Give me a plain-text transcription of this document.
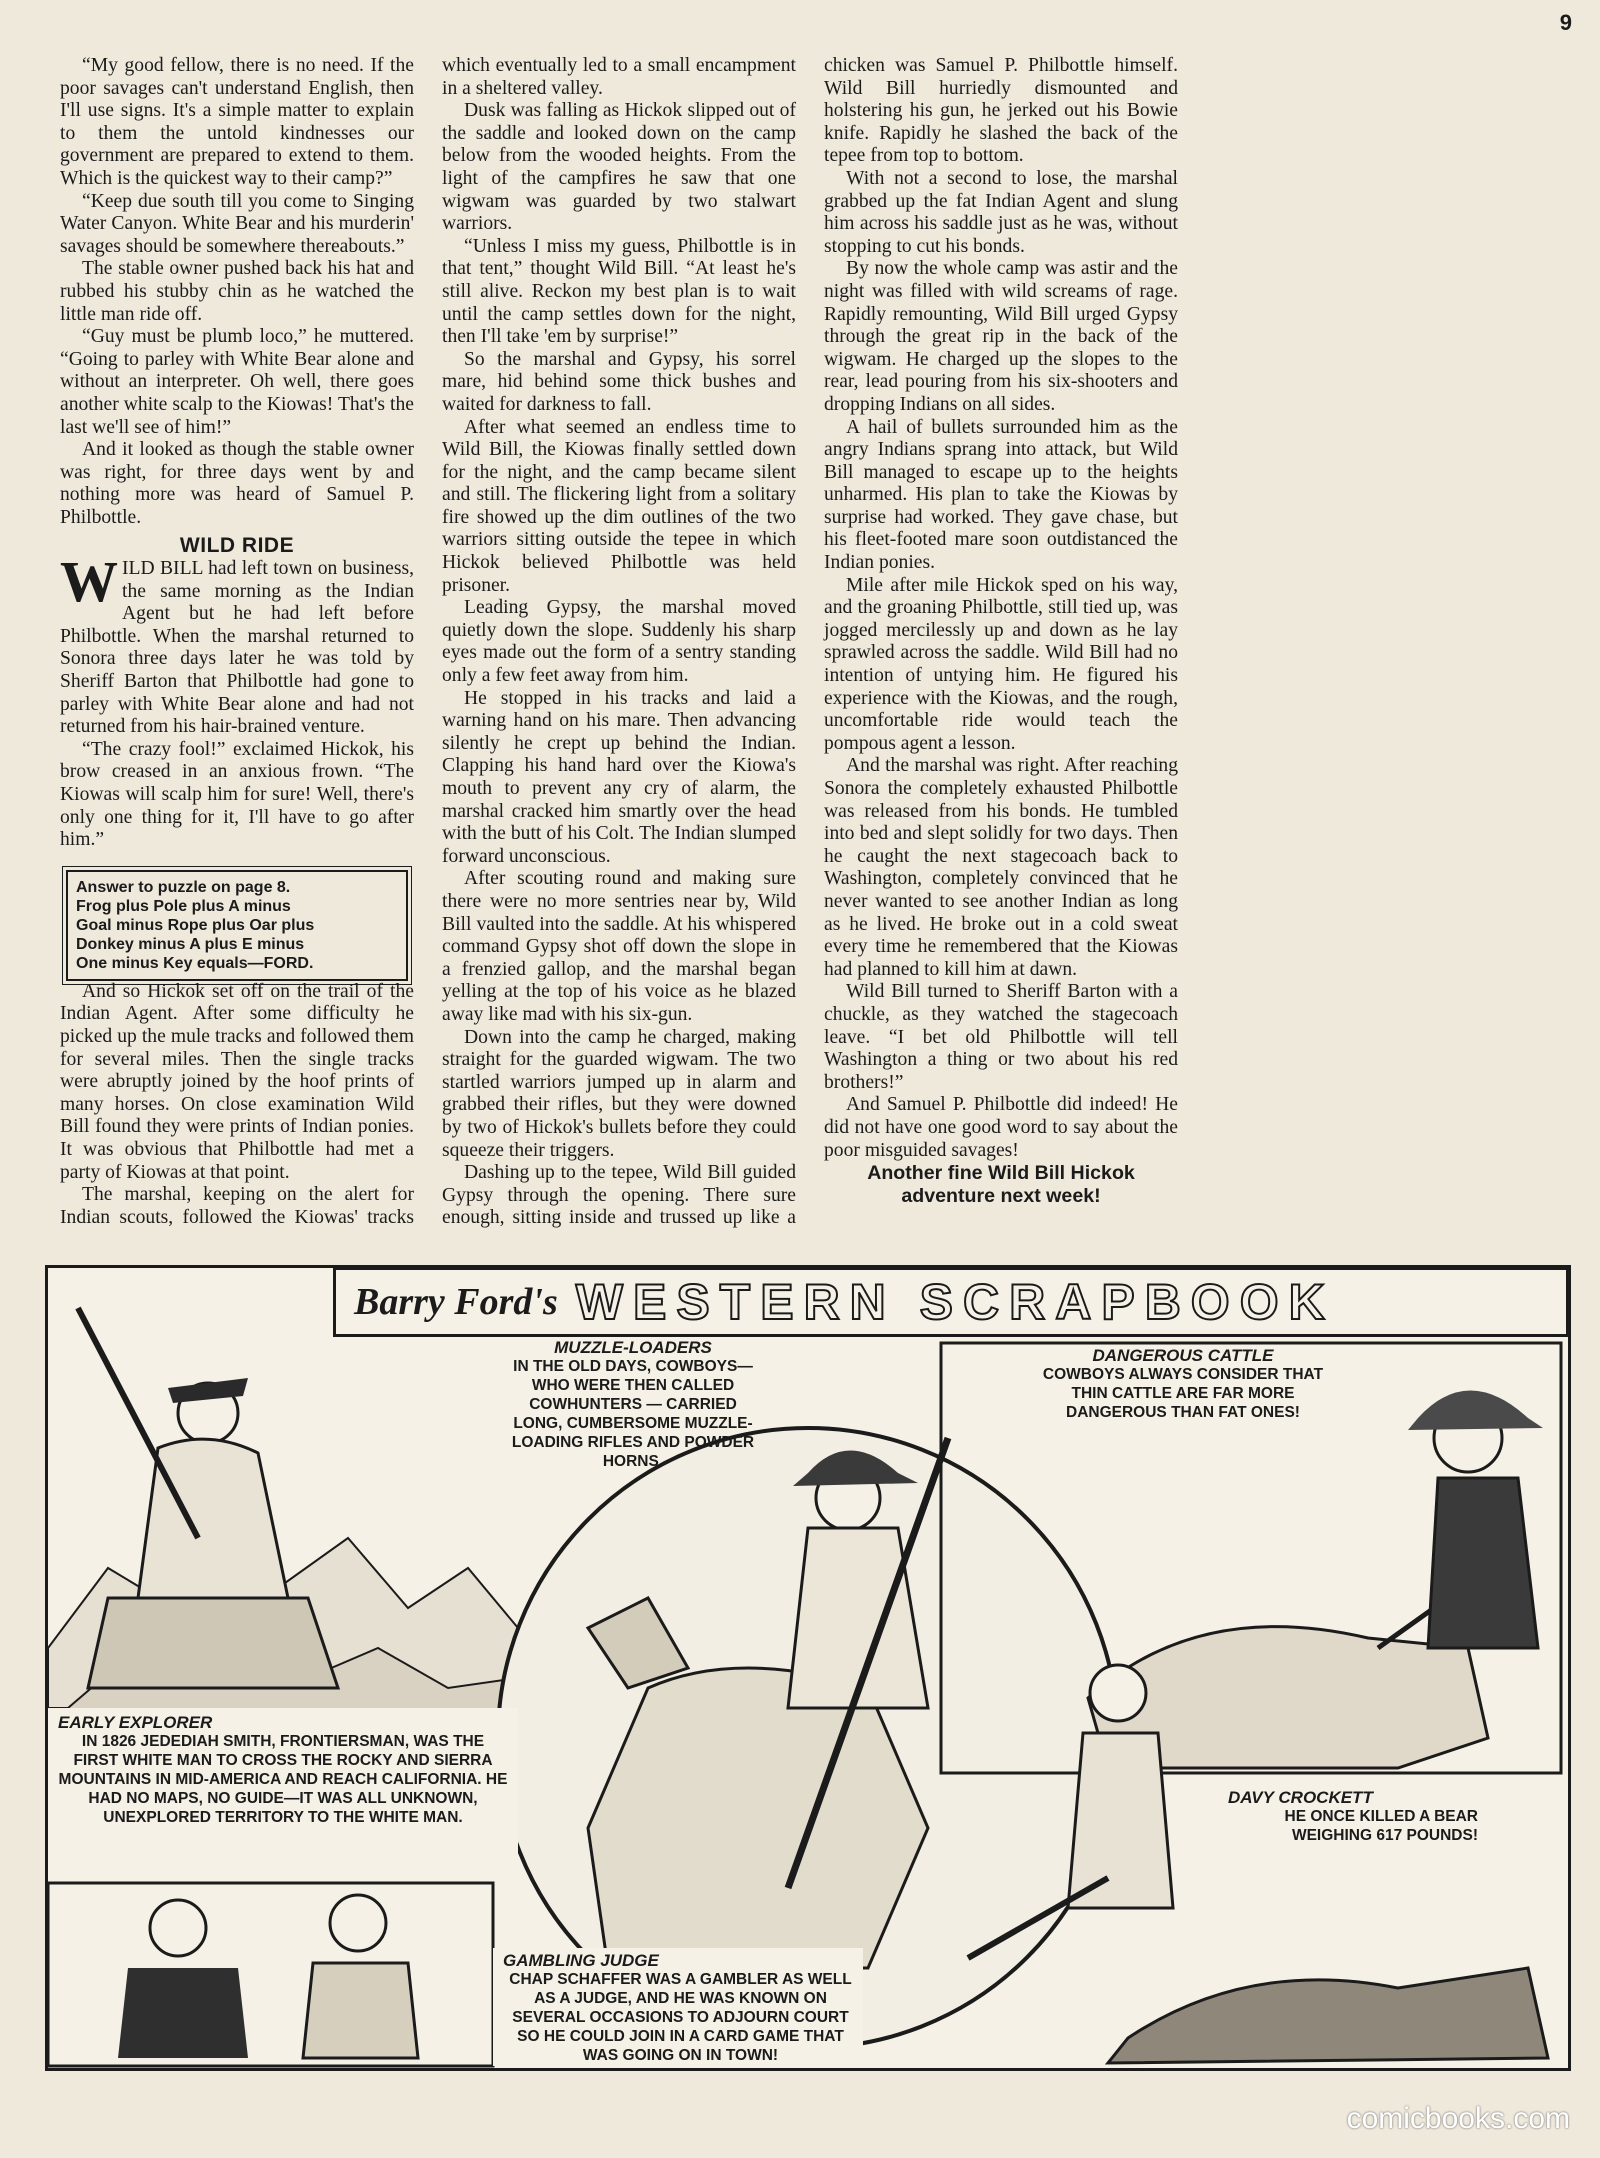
9

“My good fellow, there is no need. If the poor savages can't understand English, then I'll use signs. It's a simple matter to explain to them the untold kindnesses our government are prepared to extend to them. Which is the quickest way to their camp?”

“Keep due south till you come to Singing Water Canyon. White Bear and his murderin' savages should be somewhere thereabouts.”

The stable owner pushed back his hat and rubbed his stubby chin as he watched the little man ride off.

“Guy must be plumb loco,” he muttered. “Going to parley with White Bear alone and without an interpreter. Oh well, there goes another white scalp to the Kiowas! That's the last we'll see of him!”

And it looked as though the stable owner was right, for three days went by and nothing more was heard of Samuel P. Philbottle.

WILD RIDE

WILD BILL had left town on business, the same morning as the Indian Agent but he had left before Philbottle. When the marshal returned to Sonora three days later he was told by Sheriff Barton that Philbottle had gone to parley with White Bear alone and had not returned from his hair-brained venture.

“The crazy fool!” exclaimed Hickok, his brow creased in an anxious frown. “The Kiowas will scalp him for sure! Well, there's only one thing for it, I'll have to go after him.”

Answer to puzzle on page 8.
Frog plus Pole plus A minus
Goal minus Rope plus Oar plus
Donkey minus A plus E minus
One minus Key equals—FORD.

And so Hickok set off on the trail of the Indian Agent. After some difficulty he picked up the mule tracks and followed them for several miles. Then the single tracks were abruptly joined by the hoof prints of many horses. On close examination Wild Bill found they were prints of Indian ponies. It was obvious that Philbottle had met a party of Kiowas at that point.

The marshal, keeping on the alert for Indian scouts, followed the Kiowas' tracks which eventually led to a small encampment in a sheltered valley.

Dusk was falling as Hickok slipped out of the saddle and looked down on the camp below from the wooded heights. From the light of the campfires he saw that one wigwam was guarded by two stalwart warriors.

“Unless I miss my guess, Philbottle is in that tent,” thought Wild Bill. “At least he's still alive. Reckon my best plan is to wait until the camp settles down for the night, then I'll take 'em by surprise!”

So the marshal and Gypsy, his sorrel mare, hid behind some thick bushes and waited for darkness to fall.

After what seemed an endless time to Wild Bill, the Kiowas finally settled down for the night, and the camp became silent and still. The flickering light from a solitary fire showed up the dim outlines of the two warriors sitting outside the tepee in which Hickok believed Philbottle was held prisoner.

Leading Gypsy, the marshal moved quietly down the slope. Suddenly his sharp eyes made out the form of a sentry standing only a few feet away from him.

He stopped in his tracks and laid a warning hand on his mare. Then advancing silently he crept up behind the Indian. Clapping his hand hard over the Kiowa's mouth to prevent any cry of alarm, the marshal cracked him smartly over the head with the butt of his Colt. The Indian slumped forward unconscious.

After scouting round and making sure there were no more sentries near by, Wild Bill vaulted into the saddle. At his whispered command Gypsy shot off down the slope in a frenzied gallop, and the marshal began yelling at the top of his voice as he blazed away like mad with his six-gun.

Down into the camp he charged, making straight for the guarded wigwam. The two startled warriors jumped up in alarm and grabbed their rifles, but they were downed by two of Hickok's bullets before they could squeeze their triggers.

Dashing up to the tepee, Wild Bill guided Gypsy through the opening. There sure enough, sitting inside and trussed up like a chicken was Samuel P. Philbottle himself. Wild Bill hurriedly dismounted and holstering his gun, he jerked out his Bowie knife. Rapidly he slashed the back of the tepee from top to bottom.

With not a second to lose, the marshal grabbed up the fat Indian Agent and slung him across his saddle just as he was, without stopping to cut his bonds.

By now the whole camp was astir and the night was filled with wild screams of rage. Rapidly remounting, Wild Bill urged Gypsy through the great rip in the back of the wigwam. He charged up the slopes to the rear, lead pouring from his six-shooters and dropping Indians on all sides.

A hail of bullets surrounded him as the angry Indians sprang into attack, but Wild Bill managed to escape up to the heights unharmed. His plan to take the Kiowas by surprise had worked. They gave chase, but his fleet-footed mare soon outdistanced the Indian ponies.

Mile after mile Hickok sped on his way, and the groaning Philbottle, still tied up, was jogged mercilessly up and down as he lay sprawled across the saddle. Wild Bill had no intention of untying him. He figured his experience with the Kiowas, and the rough, uncomfortable ride would teach the pompous agent a lesson.

And the marshal was right. After reaching Sonora the completely exhausted Philbottle was released from his bonds. He tumbled into bed and slept solidly for two days. Then he caught the next stagecoach back to Washington, completely convinced that he never wanted to see another Indian as long as he lived. He broke out in a cold sweat every time he remembered that the Kiowas had planned to kill him at dawn.

Wild Bill turned to Sheriff Barton with a chuckle, as they watched the stagecoach leave. “I bet old Philbottle will tell Washington a thing or two about his red brothers!”

And Samuel P. Philbottle did indeed! He did not have one good word to say about the poor misguided savages!

Another fine Wild Bill Hickok adventure next week!

Barry Ford's WESTERN SCRAPBOOK
MUZZLE-LOADERS
IN THE OLD DAYS, COWBOYS—WHO WERE THEN CALLED COWHUNTERS — CARRIED LONG, CUMBERSOME MUZZLE-LOADING RIFLES AND POWDER HORNS.
DANGEROUS CATTLE
COWBOYS ALWAYS CONSIDER THAT THIN CATTLE ARE FAR MORE DANGEROUS THAN FAT ONES!
EARLY EXPLORER
IN 1826 JEDEDIAH SMITH, FRONTIERSMAN, WAS THE FIRST WHITE MAN TO CROSS THE ROCKY AND SIERRA MOUNTAINS IN MID-AMERICA AND REACH CALIFORNIA. HE HAD NO MAPS, NO GUIDE—IT WAS ALL UNKNOWN, UNEXPLORED TERRITORY TO THE WHITE MAN.
DAVY CROCKETT
HE ONCE KILLED A BEAR WEIGHING 617 POUNDS!
GAMBLING JUDGE
CHAP SCHAFFER WAS A GAMBLER AS WELL AS A JUDGE, AND HE WAS KNOWN ON SEVERAL OCCASIONS TO ADJOURN COURT SO HE COULD JOIN IN A CARD GAME THAT WAS GOING ON IN TOWN!
comicbooks.com
